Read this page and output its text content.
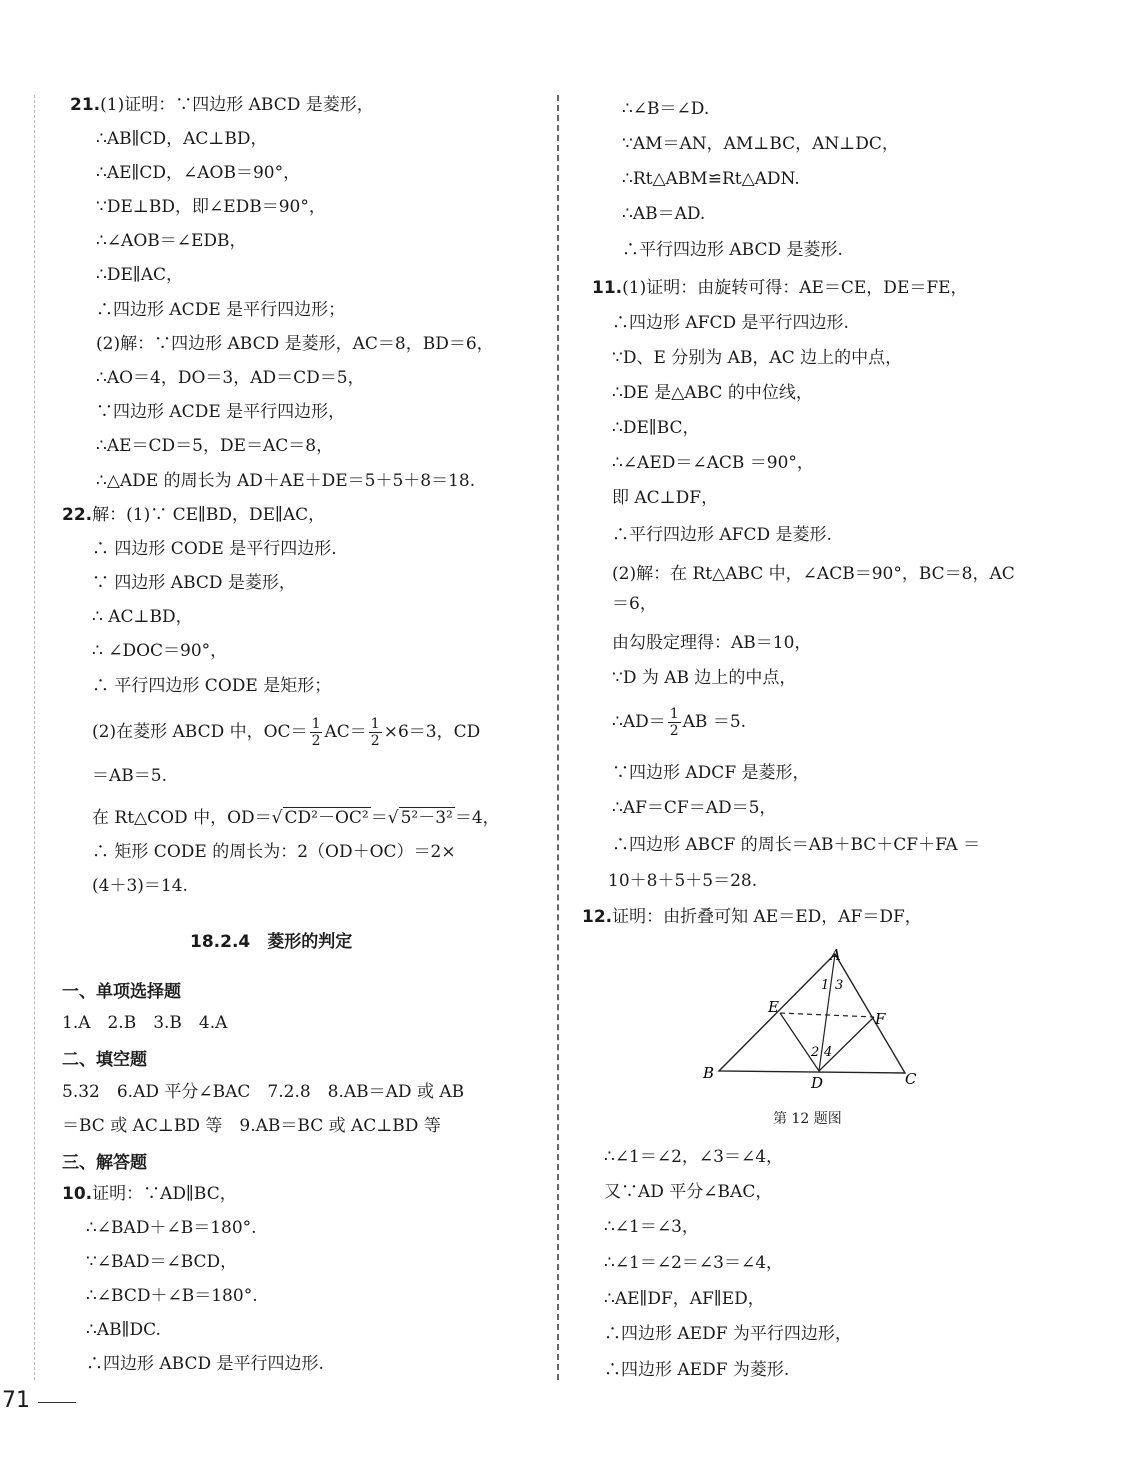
21.(1)证明：∵四边形 ABCD 是菱形，
∴AB∥CD，AC⊥BD，
∴AE∥CD，∠AOB＝90°，
∵DE⊥BD，即∠EDB＝90°，
∴∠AOB＝∠EDB，
∴DE∥AC，
∴四边形 ACDE 是平行四边形；
(2)解：∵四边形 ABCD 是菱形，AC＝8，BD＝6，
∴AO＝4，DO＝3，AD＝CD＝5，
∵四边形 ACDE 是平行四边形，
∴AE＝CD＝5，DE＝AC＝8，
∴△ADE 的周长为 AD＋AE＋DE＝5＋5＋8＝18.
22.解：(1)∵ CE∥BD，DE∥AC，
∴ 四边形 CODE 是平行四边形.
∵ 四边形 ABCD 是菱形，
∴ AC⊥BD，
∴ ∠DOC＝90°，
∴ 平行四边形 CODE 是矩形；
(2)在菱形 ABCD 中，$OC= \frac{1}{2} AC= \frac{1}{2} \times 6=3$，CD
＝AB＝5.
在 Rt△COD 中，OD＝√ CD²－OC² ＝√ 5²－3² ＝4，
∴ 矩形 CODE 的周长为：2（OD＋OC）＝2×
(4＋3)＝14.
18.2.4　菱形的判定
一、单项选择题
1.A　2.B　3.B　4.A
二、填空题
5.32　6.AD 平分∠BAC　7.2.8　8.AB＝AD 或 AB
＝BC 或 AC⊥BD 等　9.AB＝BC 或 AC⊥BD 等
三、解答题
10.证明：∵AD∥BC，
∴∠BAD＋∠B＝180°.
∵∠BAD＝∠BCD，
∴∠BCD＋∠B＝180°.
∴AB∥DC.
∴四边形 ABCD 是平行四边形.
∴∠B＝∠D.
∵AM＝AN，AM⊥BC，AN⊥DC，
∴Rt△ABM≌Rt△ADN.
∴AB＝AD.
∴平行四边形 ABCD 是菱形.
11.(1)证明：由旋转可得：AE＝CE，DE＝FE，
∴四边形 AFCD 是平行四边形.
∵D、E 分别为 AB，AC 边上的中点，
∴DE 是△ABC 的中位线，
∴DE∥BC，
∴∠AED＝∠ACB ＝90°，
即 AC⊥DF，
∴平行四边形 AFCD 是菱形.
(2)解：在 Rt△ABC 中，∠ACB＝90°，BC＝8，AC
＝6，
由勾股定理得：AB＝10，
∵D 为 AB 边上的中点，
∴AD＝ $\frac{1}{2}$ AB ＝5.
∵四边形 ADCF 是菱形，
∴AF＝CF＝AD＝5，
∴四边形 ABCF 的周长＝AB＋BC＋CF＋FA ＝
10＋8＋5＋5＝28.
12.证明：由折叠可知 AE＝ED，AF＝DF，
A
B	C
D
E
F
1 3
2 4
第 12 题图
∴∠1＝∠2，∠3＝∠4，
又∵AD 平分∠BAC，
∴∠1＝∠3，
∴∠1＝∠2＝∠3＝∠4，
∴AE∥DF，AF∥ED，
∴四边形 AEDF 为平行四边形，
∴四边形 AEDF 为菱形.
71
